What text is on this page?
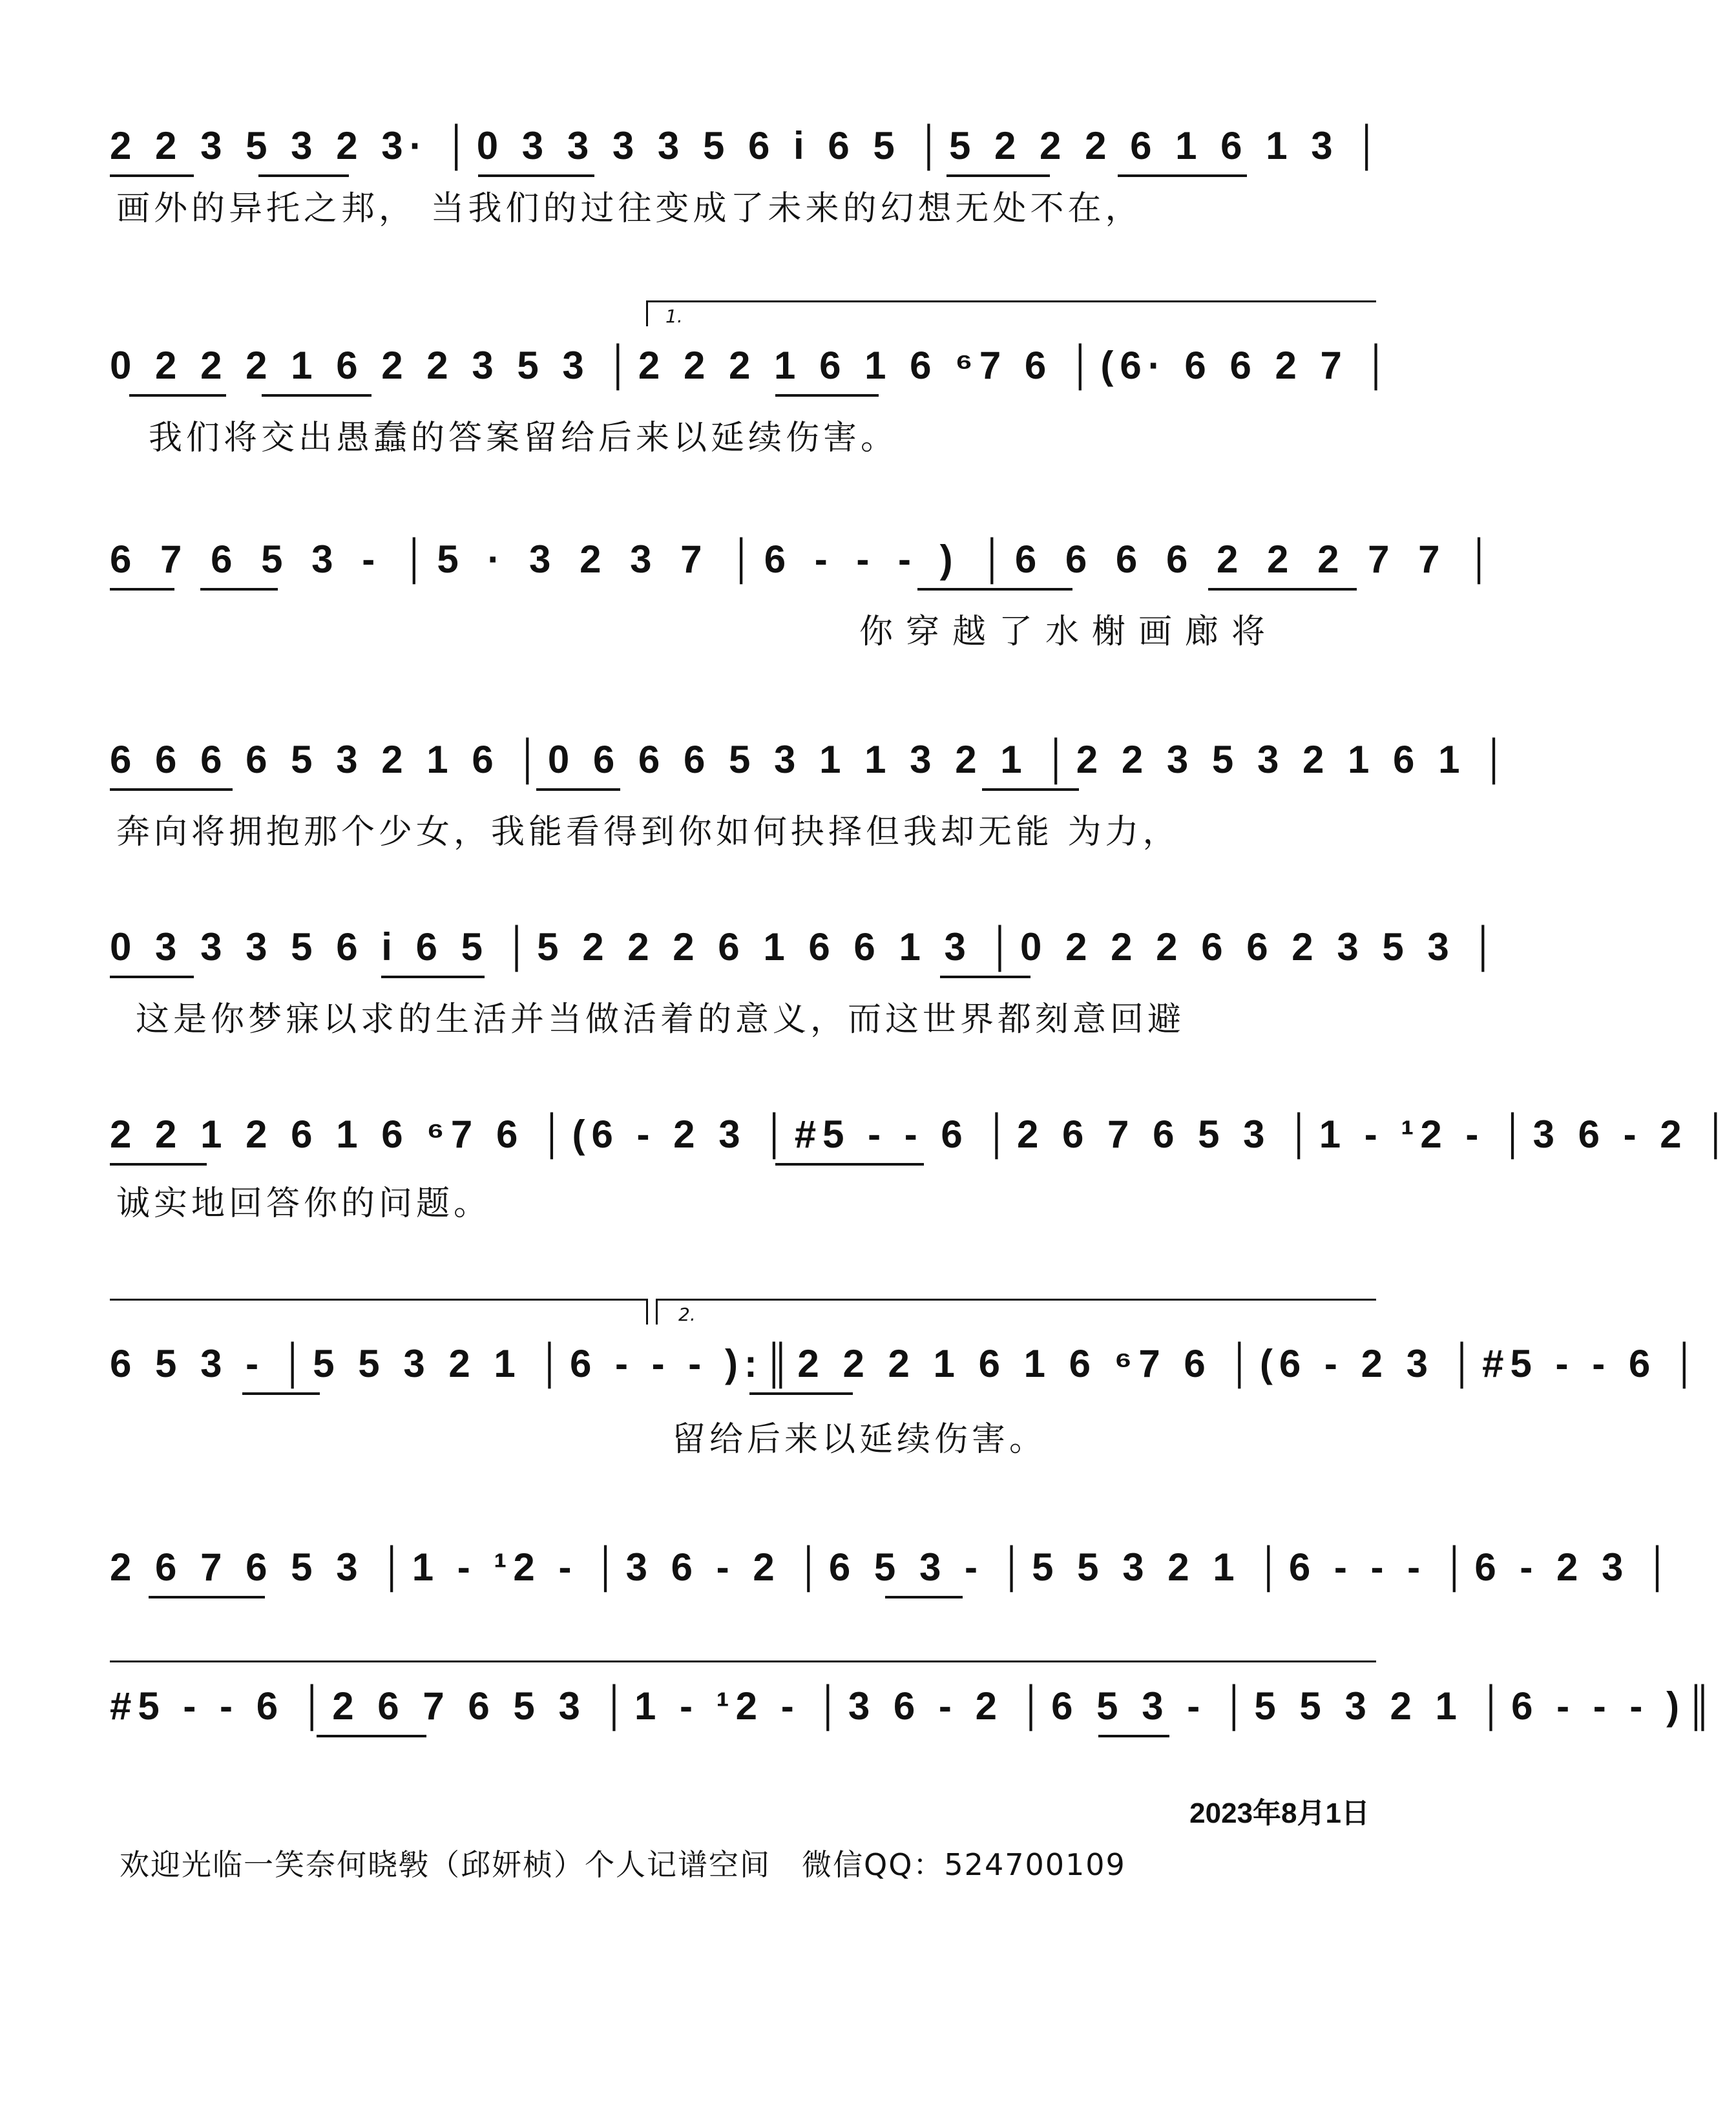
2 2 3 5 3 2 3· │0 3 3 3 3 5 6 i 6 5 │5 2 2 2 6 1 6 1 3 │
画外的异托之邦， 当我们的过往变成了未来的幻想无处不在，
1.
0 2 2 2 1 6 2 2 3 5 3 │2 2 2 1 6 1 6 ⁶7 6 │(6· 6 6 2 7 │
我们将交出愚蠢的答案留给后来以延续伤害。
6 7 6 5 3 - │5 · 3 2 3 7 │6 - - - ) │6 6 6 6 2 2 2 7 7 │
你穿越了水榭画廊将
6 6 6 6 5 3 2 1 6 │0 6 6 6 5 3 1 1 3 2 1 │2 2 3 5 3 2 1 6 1 │
奔向将拥抱那个少女，我能看得到你如何抉择但我却无能 为力，
0 3 3 3 5 6 i 6 5 │5 2 2 2 6 1 6 6 1 3 │0 2 2 2 6 6 2 3 5 3 │
这是你梦寐以求的生活并当做活着的意义，而这世界都刻意回避
2 2 1 2 6 1 6 ⁶7 6 │(6 - 2 3 │#5 - - 6 │2 6 7 6 5 3 │1 - ¹2 - │3 6 - 2 │
诚实地回答你的问题。
2.
6 5 3 - │5 5 3 2 1 │6 - - - ):║2 2 2 1 6 1 6 ⁶7 6 │(6 - 2 3 │#5 - - 6 │
留给后来以延续伤害。
2 6 7 6 5 3 │1 - ¹2 - │3 6 - 2 │6 5 3 - │5 5 3 2 1 │6 - - - │6 - 2 3 │
#5 - - 6 │2 6 7 6 5 3 │1 - ¹2 - │3 6 - 2 │6 5 3 - │5 5 3 2 1 │6 - - - )║
2023年8月1日
欢迎光临一笑奈何晓斅（邱妍桢）个人记谱空间　微信QQ：524700109
